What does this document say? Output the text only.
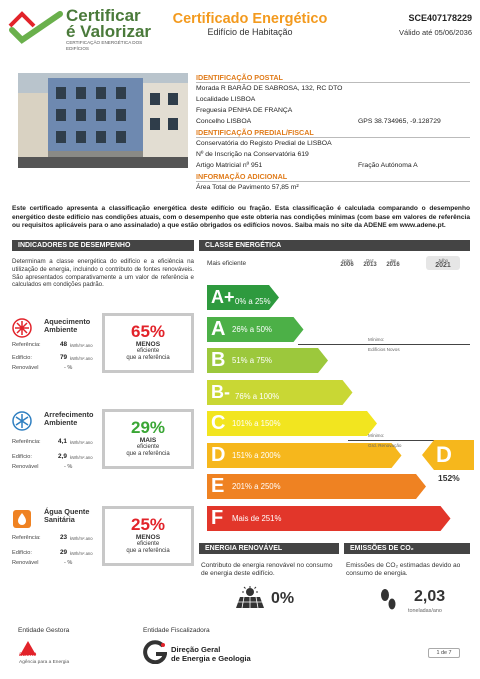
Certificar
é Valorizar
CERTIFICAÇÃO ENERGÉTICA DOS EDIFÍCIOS
Certificado Energético
Edifício de Habitação
SCE407178229
Válido até 05/06/2036
IDENTIFICAÇÃO POSTAL
Morada R BARÃO DE SABROSA, 132, RC DTO
Localidade LISBOA
Freguesia PENHA DE FRANÇA
Concelho LISBOA	GPS 38.734965, -9.128729
IDENTIFICAÇÃO PREDIAL/FISCAL
Conservatória do Registo Predial de LISBOA
Nº de Inscrição na Conservatória 619
Artigo Matricial nº 951	Fração Autónoma A
INFORMAÇÃO ADICIONAL
Área Total de Pavimento 57,85 m²
Este certificado apresenta a classificação energética deste edifício ou fração. Esta classificação é calculada comparando o desempenho energético deste edifício nas condições atuais, com o desempenho que este obteria nas condições mínimas (com base em valores de referência ou requisitos aplicáveis para o ano assinalado) a que estão obrigados os edifícios novos. Saiba mais no site da ADENE em www.adene.pt.
INDICADORES DE DESEMPENHO	CLASSE ENERGÉTICA
Determinam a classe energética do edifício e a eficiência na utilização de energia, incluindo o contributo de fontes renováveis. São apresentados comparativamente a um valor de referência e calculados em condições padrão.
Aquecimento
Ambiente
Referência:	48 kWh/m².ano
Edifício:	79 kWh/m².ano
Renovável	- %
65%
MENOS
eficiente
que a referência
Arrefecimento
Ambiente
Referência:	4,1 kWh/m².ano
Edifício:	2,9 kWh/m².ano
Renovável	- %
29%
MAIS
eficiente
que a referência
Água Quente
Sanitária
Referência:	23 kWh/m².ano
Edifício:	29 kWh/m².ano
Renovável	- %
25%
MENOS
eficiente
que a referência
Mais eficiente	Antes
2006
Dez
2013
Jan
2016
Julho
2021
A+ 0% a 25%
A 26% a 50%
B 51% a 75%
B- 76% a 100%
C 101% a 150%
D 151% a 200%
E 201% a 250%
F Mais de 251%
Mínimo:
Edifícios Novos
Mínimo:
Grd. Renovação D
152%
ENERGIA RENOVÁVEL	EMISSÕES DE CO₂
Contributo de energia renovável no consumo de energia deste edifício.
Emissões de CO₂ estimadas devido ao consumo de energia.
0%	2,03
toneladas/ano
Entidade Gestora
adene
Agência para a Energia
Entidade Fiscalizadora
Direção Geral
de Energia e Geologia
1 de 7
